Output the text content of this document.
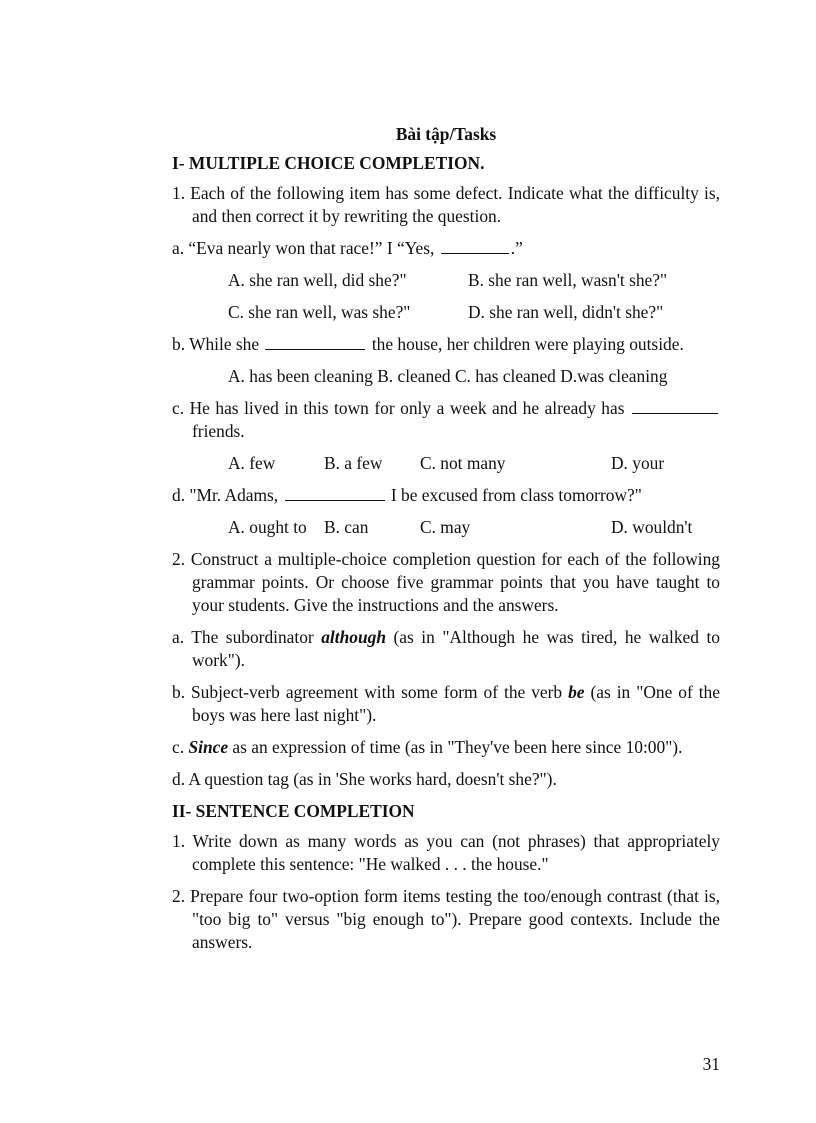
Bài tập/Tasks
I- MULTIPLE CHOICE COMPLETION.
1. Each of the following item has some defect. Indicate what the difficulty is, and then correct it by rewriting the question.
a. “Eva nearly won that race!” I “Yes,	.”
A. she ran well, did she?"	B. she ran well, wasn't she?"
C. she ran well, was she?"	D. she ran well, didn't she?"
b. While she	the house, her children were playing outside.
A. has been cleaning B. cleaned C. has cleaned D.was cleaning
c. He has lived in this town for only a week and he already has  friends.
A. few	B. a few	C. not many	D. your
d. "Mr. Adams,	I be excused from class tomorrow?"
A. ought to B. can	C. may	D. wouldn't
2. Construct a multiple-choice completion question for each of the following grammar points. Or choose five grammar points that you have taught to your students. Give the instructions and the answers.
a. The subordinator although (as in "Although he was tired, he walked to work").
b. Subject-verb agreement with some form of the verb be (as in "One of the boys was here last night").
c. Since as an expression of time (as in "They've been here since 10:00").
d. A question tag (as in 'She works hard, doesn't she?").
II- SENTENCE COMPLETION
1. Write down as many words as you can (not phrases) that appropriately complete this sentence: "He walked . . . the house."
2. Prepare four two-option form items testing the too/enough contrast (that is, "too big to" versus "big enough to"). Prepare good contexts. Include the answers.
31
